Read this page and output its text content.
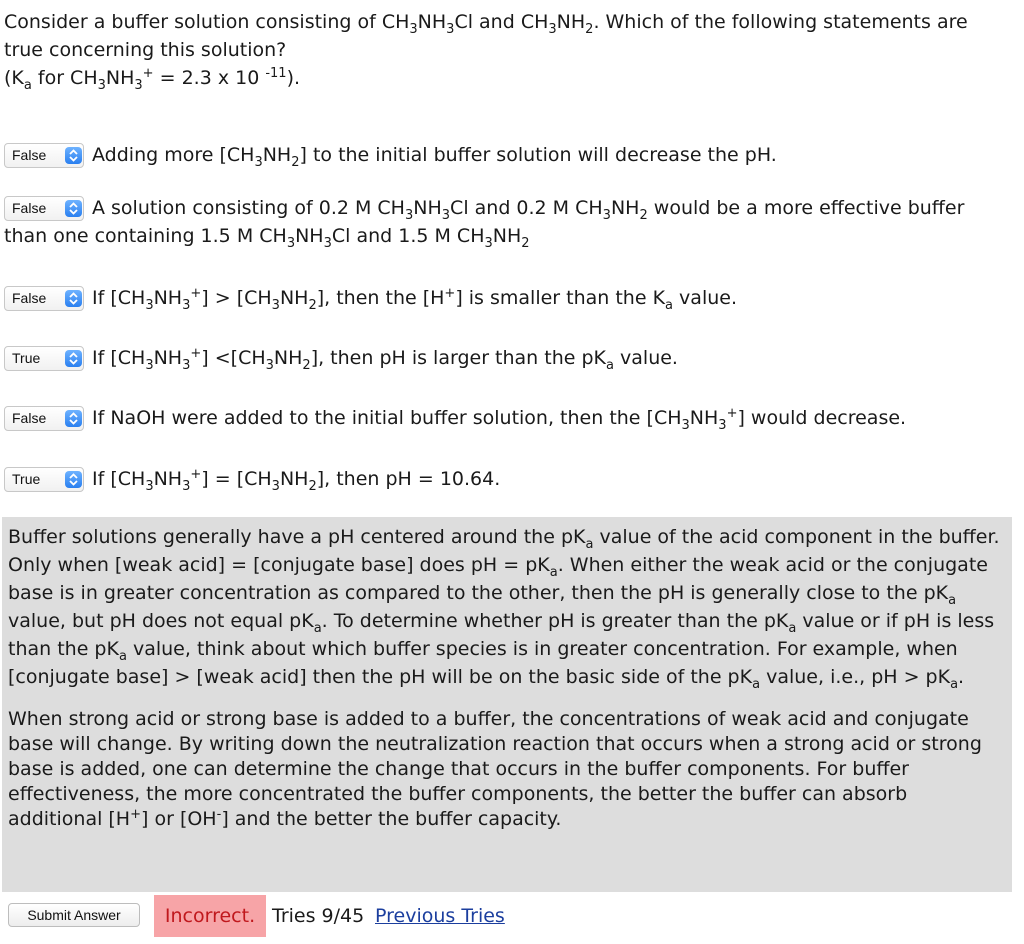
Consider a buffer solution consisting of $CH_3NH_3Cl$ and $CH_3NH_2$. Which of the following statements are
true concerning this solution?
($K_a$ for $CH_3NH_3^+ = 2.3$ x 10 $^{-11}$).
False Adding more $[CH_3NH_2]$ to the initial buffer solution will decrease the pH.
False A solution consisting of 0.2 M $CH_3NH_3Cl$ and 0.2 M $CH_3NH_2$ would be a more effective buffer
than one containing 1.5 M $CH_3NH_3Cl$ and 1.5 M $CH_3NH_2$
False If $[CH_3NH_3^+] > [CH_3NH_2]$, then the [H+] is smaller than the $K_a$ value.
True	If $[CH_3NH_3^+] <[CH_3NH_2]$, then pH is larger than the $pK_a$ value.
False If NaOH were added to the initial buffer solution, then the $[CH_3NH_3^+]$ would decrease.
True	If $[CH_3NH_3^+] = [CH_3NH_2]$, then pH = 10.64.

Buffer solutions generally have a pH centered around the $pK_a$ value of the acid component in the buffer. Only when [weak acid] = [conjugate base] does pH = $pK_a$. When either the weak acid or the conjugate base is in greater concentration as compared to the other, then the pH is generally close to the $pK_a$ value, but pH does not equal $pK_a$. To determine whether pH is greater than the $pK_a$ value or if pH is less than the $pK_a$ value, think about which buffer species is in greater concentration. For example, when [conjugate base] > [weak acid] then the pH will be on the basic side of the $pK_a$ value, i.e., pH > $pK_a$.

When strong acid or strong base is added to a buffer, the concentrations of weak acid and conjugate base will change. By writing down the neutralization reaction that occurs when a strong acid or strong base is added, one can determine the change that occurs in the buffer components. For buffer effectiveness, the more concentrated the buffer components, the better the buffer can absorb additional [H+] or [OH-] and the better the buffer capacity.

Submit Answer	Incorrect. Tries 9/45 Previous Tries
